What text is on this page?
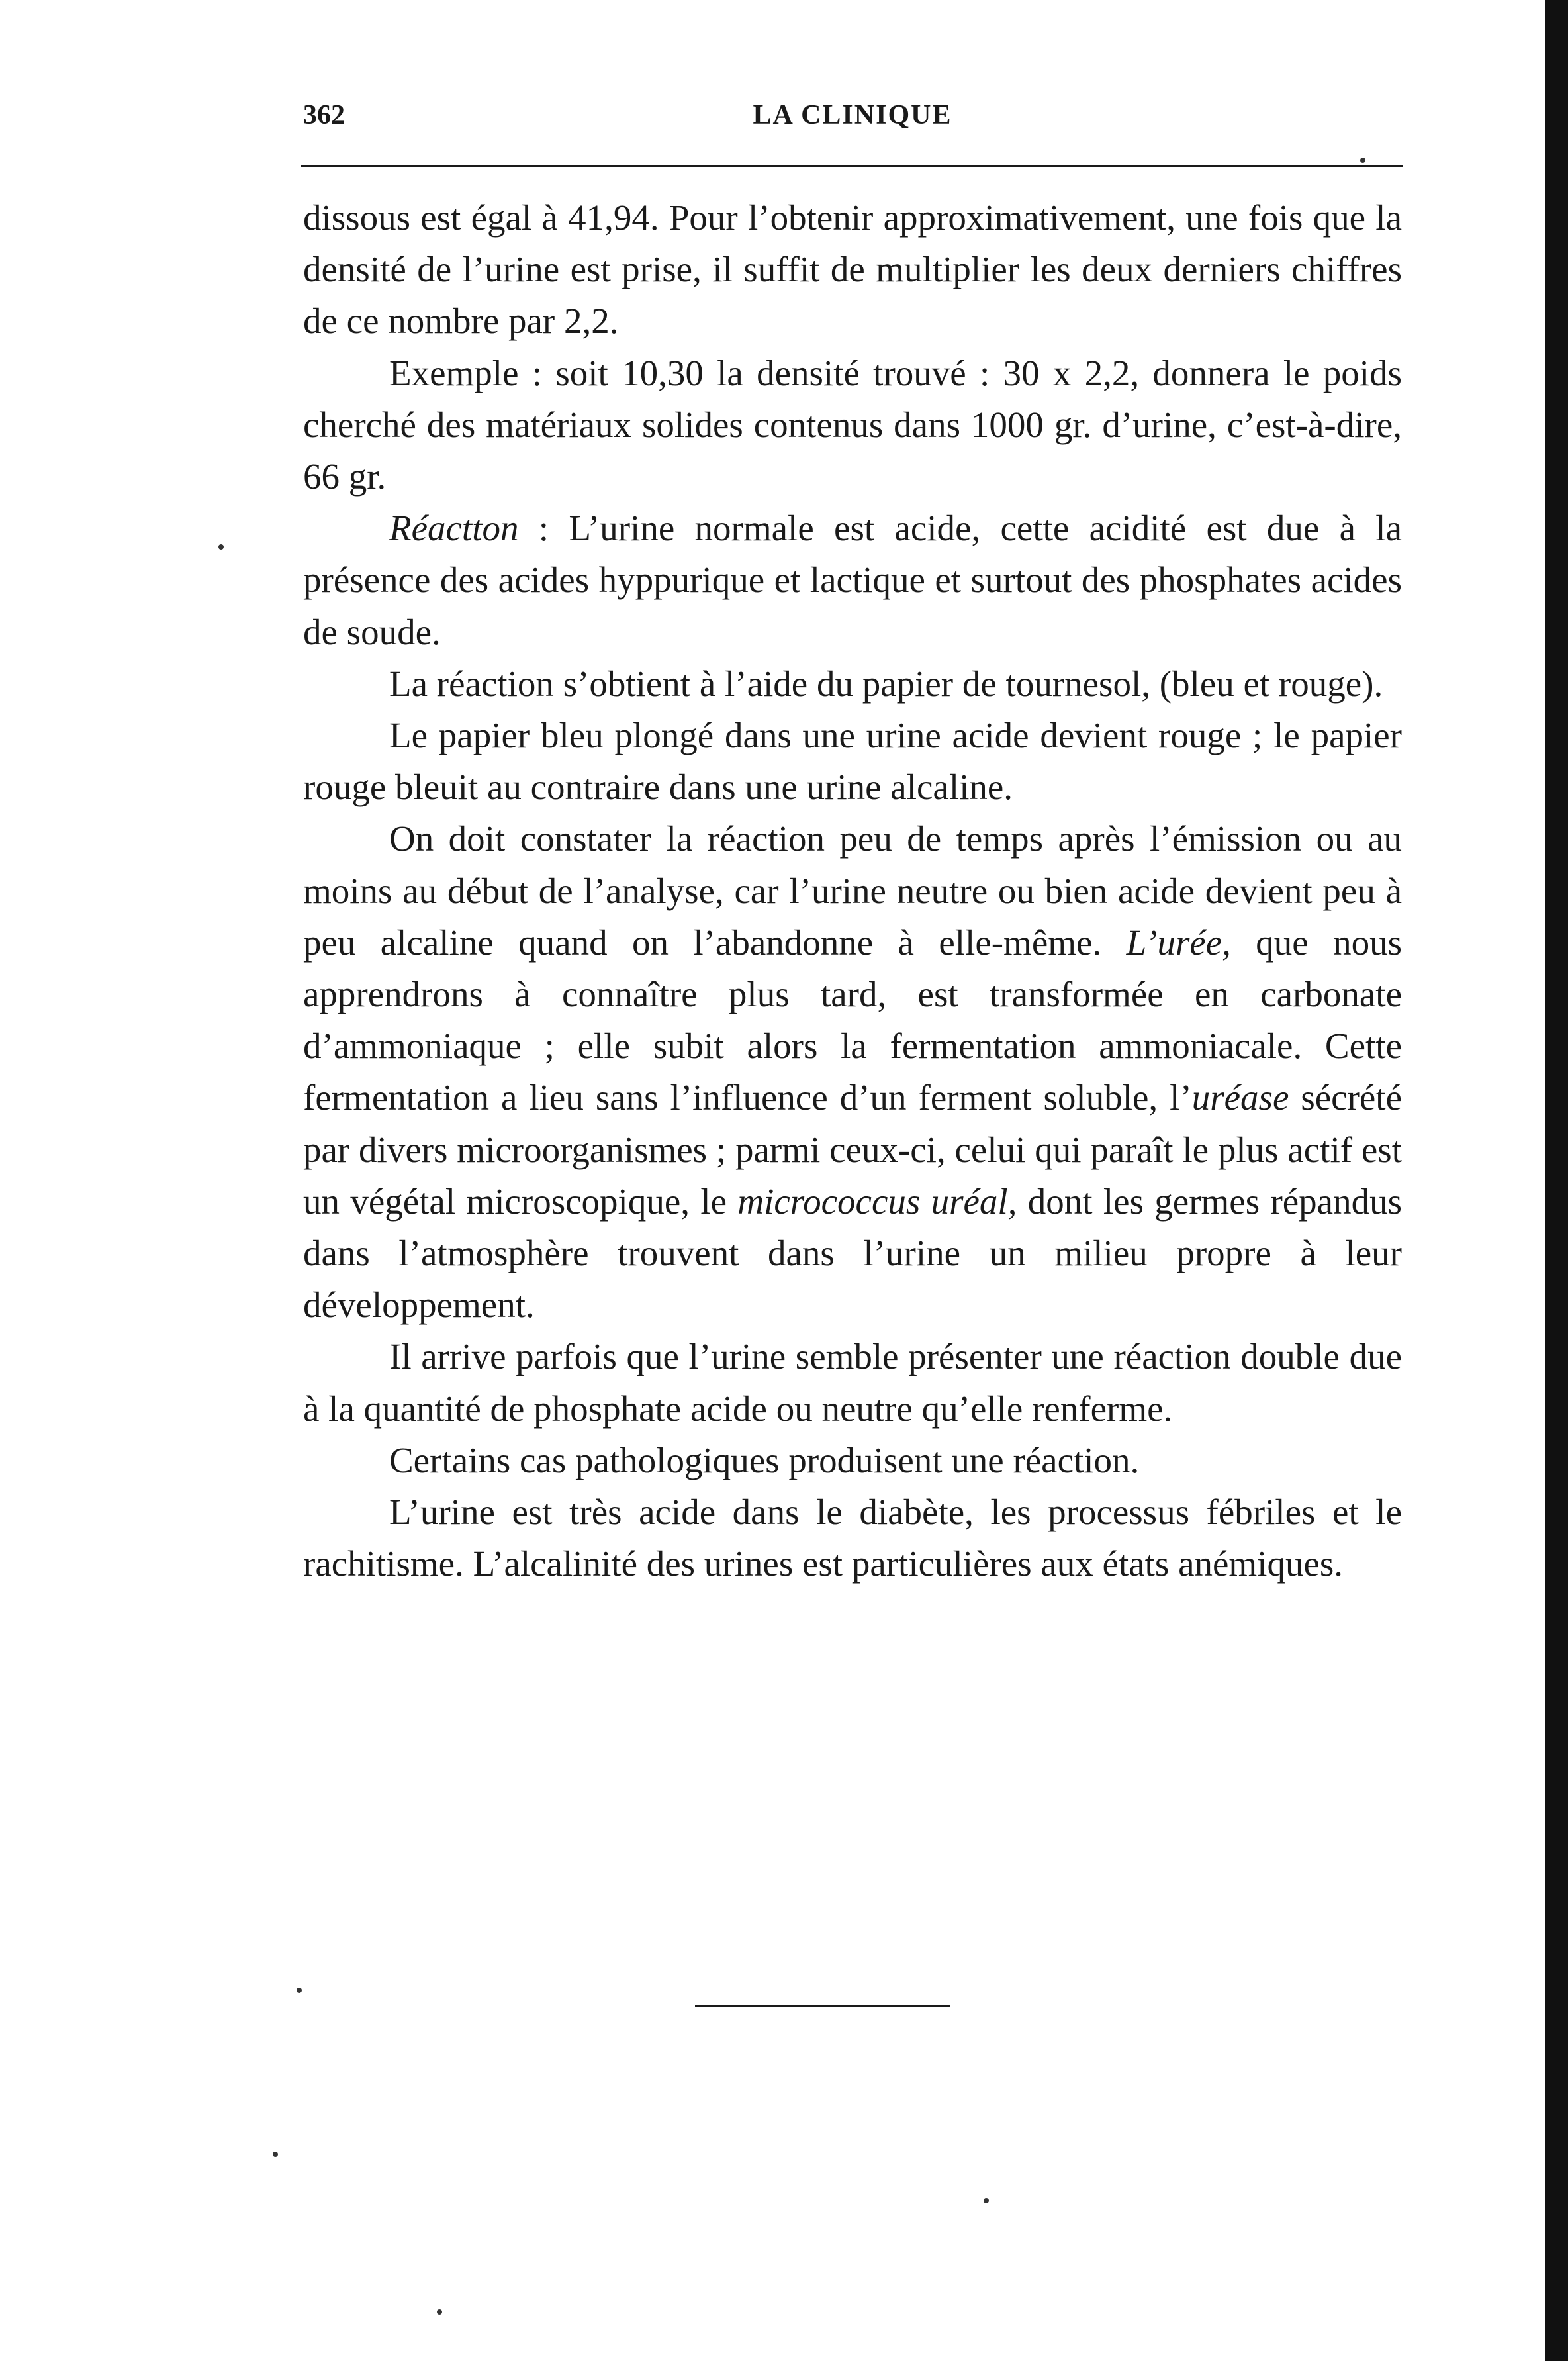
362	LA CLINIQUE

dissous est égal à 41,94. Pour l’obtenir approximativement, une fois que la densité de l’urine est prise, il suffit de multiplier les deux derniers chiffres de ce nombre par 2,2.

Exemple : soit 10,30 la densité trouvé : 30 x 2,2, donnera le poids cherché des matériaux solides contenus dans 1000 gr. d’urine, c’est-à-dire, 66 gr.

Réactton : L’urine normale est acide, cette acidité est due à la présence des acides hyppurique et lactique et surtout des phosphates acides de soude.

La réaction s’obtient à l’aide du papier de tournesol, (bleu et rouge).

Le papier bleu plongé dans une urine acide devient rouge ; le papier rouge bleuit au contraire dans une urine alcaline.

On doit constater la réaction peu de temps après l’émission ou au moins au début de l’analyse, car l’urine neutre ou bien acide devient peu à peu alcaline quand on l’abandonne à elle-même. L’urée, que nous apprendrons à connaître plus tard, est transformée en carbonate d’ammoniaque ; elle subit alors la fermentation ammoniacale. Cette fermentation a lieu sans l’influence d’un ferment soluble, l’uréase sécrété par divers microorganismes ; parmi ceux-ci, celui qui paraît le plus actif est un végétal microscopique, le micrococcus uréal, dont les germes répandus dans l’atmosphère trouvent dans l’urine un milieu propre à leur développement.

Il arrive parfois que l’urine semble présenter une réaction double due à la quantité de phosphate acide ou neutre qu’elle renferme.

Certains cas pathologiques produisent une réaction.

L’urine est très acide dans le diabète, les processus fébriles et le rachitisme. L’alcalinité des urines est particulières aux états anémiques.
